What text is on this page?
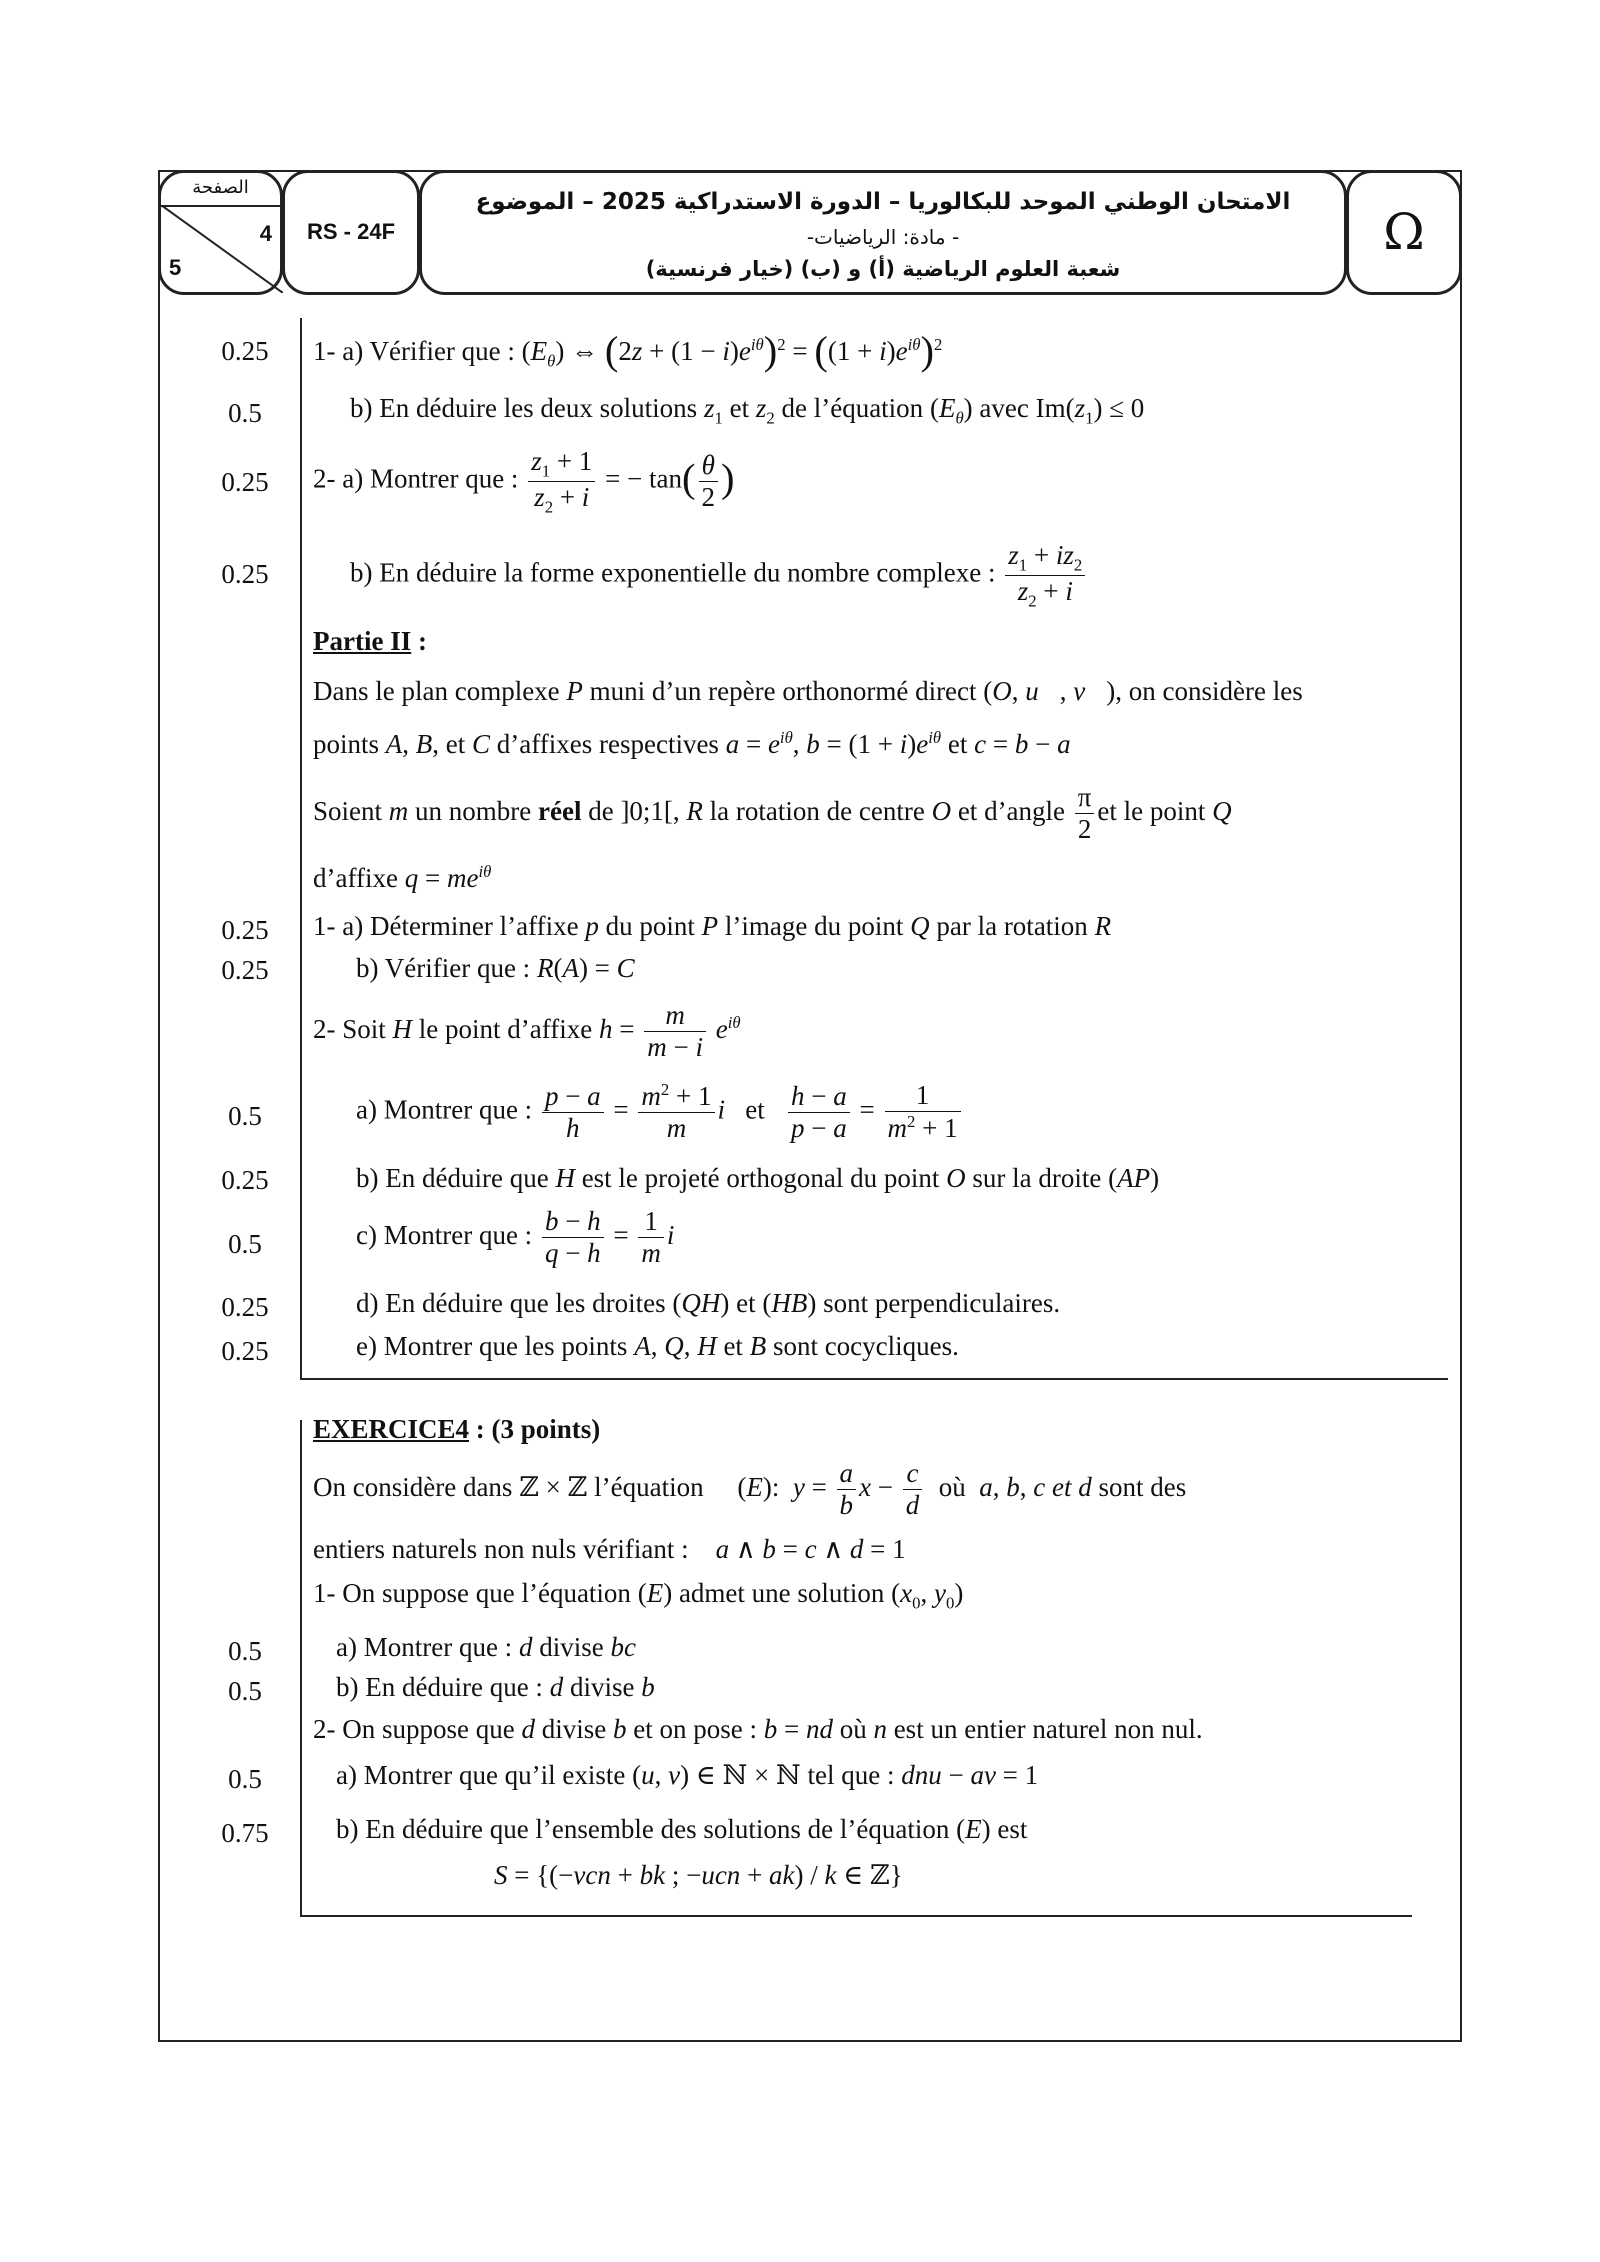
الصفحة
4
5
RS - 24F
الامتحان الوطني الموحد للبكالوريا – الدورة الاستدراكية 2025 – الموضوع
- مادة: الرياضيات-
شعبة العلوم الرياضية (أ) و (ب) (خيار فرنسية)
Ω
0.25
0.5
0.25
0.25
0.25
0.25
0.5
0.25
0.5
0.25
0.25
0.5
0.5
0.5
0.75
1- a) Vérifier que : $(E_\theta)$ ⇔ $(2z + (1 - i)e^{i\theta})^2 = ((1 + i)e^{i\theta})^2$
b) En déduire les deux solutions $z_1$ et $z_2$ de l’équation $(E_\theta)$ avec $Im(z_1) \le 0$
2- a) Montrer que : $\frac{z_1 + 1}{z_2 + i}$ = − $\tan( \frac{\theta}{2}$ )
b) En déduire la forme exponentielle du nombre complexe : $\frac{z_1 + iz_2}{z_2 + i}$
Partie II :
Dans le plan complexe P muni d’un repère orthonormé direct (O, u⃗, v⃗), on considère les
points A, B, et C d’affixes respectives $a = e^{i\theta}$, $b = (1 + i)e^{i\theta}$ et c = b − a
Soient m un nombre réel de ]0;1[, R la rotation de centre O et d’angle $\frac{\pi}{2}$ et le point Q
d’affixe $q = me^{i\theta}$
1- a) Déterminer l’affixe p du point P l’image du point Q par la rotation R
b) Vérifier que : R(A) = C
2- Soit H le point d’affixe $h = \frac{m}{m - i} e^{i\theta}$
a) Montrer que : $\frac{p - a}{h} = \frac{m^2 + 1}{m}$ i et $\frac{h - a}{p - a} = \frac{1}{m^2 + 1}$
b) En déduire que H est le projeté orthogonal du point O sur la droite (AP)
c) Montrer que : $\frac{b - h}{q - h} = \frac{1}{m}$ i
d) En déduire que les droites (QH) et (HB) sont perpendiculaires.
e) Montrer que les points A, Q, H et B sont cocycliques.
EXERCICE4 : (3 points)
On considère dans ℤ × ℤ l’équation     (E):  $y = \frac{a}{b}$ $x - \frac{c}{d}$ où a, b, c et d sont des
entiers naturels non nuls vérifiant : a ∧ b = c ∧ d = 1
1- On suppose que l’équation (E) admet une solution ($x_0$, $y_0$)
a) Montrer que : d divise bc
b) En déduire que : d divise b
2- On suppose que d divise b et on pose : b = nd où n est un entier naturel non nul.
a) Montrer que qu’il existe (u, v) ∈ ℕ × ℕ tel que : dnu − av = 1
b) En déduire que l’ensemble des solutions de l’équation (E) est
S = {(−vcn + bk ; −ucn + ak) / k ∈ ℤ}
